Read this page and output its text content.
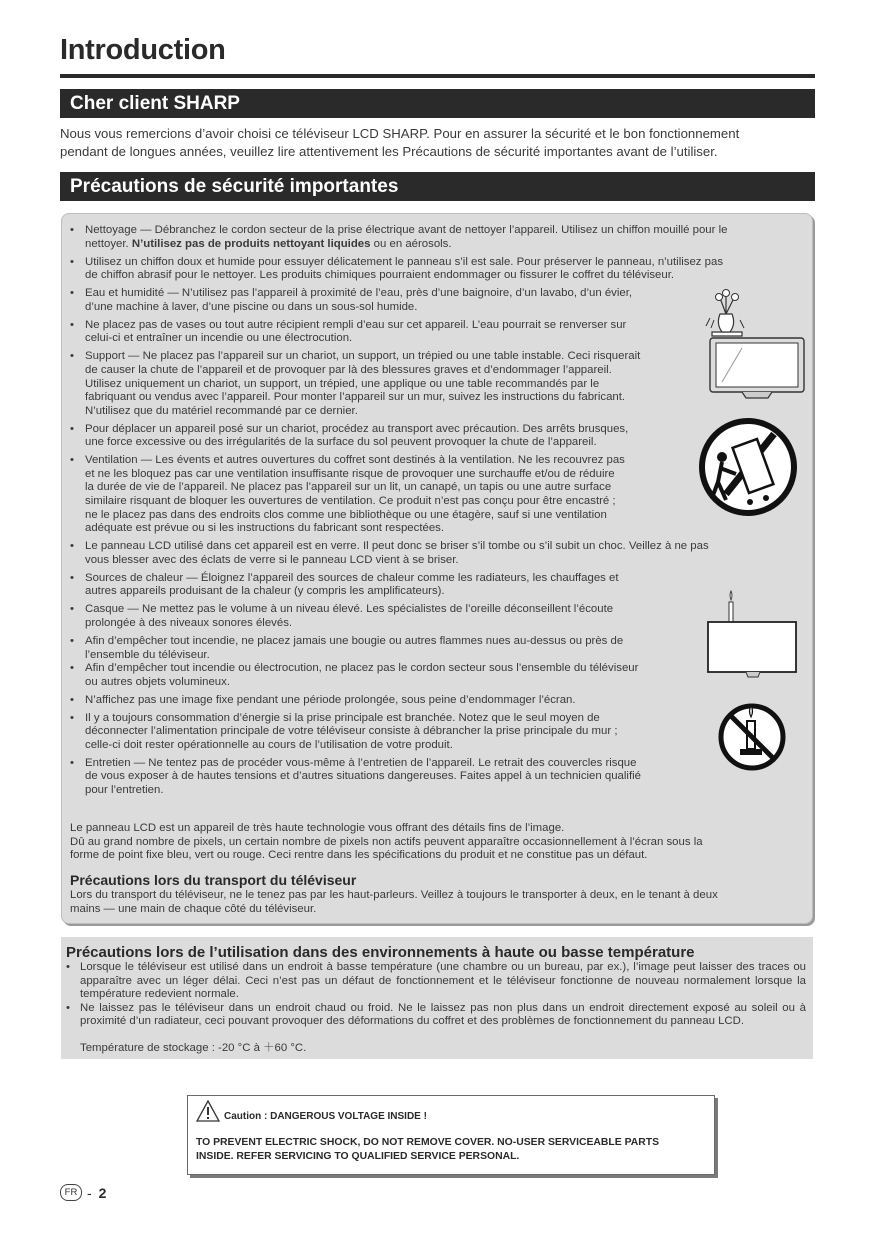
Introduction
Cher client SHARP
Nous vous remercions d’avoir choisi ce téléviseur LCD SHARP. Pour en assurer la sécurité et le bon fonctionnement
pendant de longues années, veuillez lire attentivement les Précautions de sécurité importantes avant de l’utiliser.
Précautions de sécurité importantes
• Nettoyage — Débranchez le cordon secteur de la prise électrique avant de nettoyer l’appareil. Utilisez un chiffon mouillé pour le
nettoyer. N’utilisez pas de produits nettoyant liquides ou en aérosols.
• Utilisez un chiffon doux et humide pour essuyer délicatement le panneau s’il est sale. Pour préserver le panneau, n’utilisez pas
de chiffon abrasif pour le nettoyer. Les produits chimiques pourraient endommager ou fissurer le coffret du téléviseur.
• Eau et humidité — N’utilisez pas l’appareil à proximité de l’eau, près d’une baignoire, d’un lavabo, d’un évier,
d’une machine à laver, d’une piscine ou dans un sous-sol humide.
• Ne placez pas de vases ou tout autre récipient rempli d’eau sur cet appareil. L’eau pourrait se renverser sur
celui-ci et entraîner un incendie ou une électrocution.
• Support — Ne placez pas l’appareil sur un chariot, un support, un trépied ou une table instable. Ceci risquerait
de causer la chute de l’appareil et de provoquer par là des blessures graves et d’endommager l’appareil.
Utilisez uniquement un chariot, un support, un trépied, une applique ou une table recommandés par le
fabriquant ou vendus avec l’appareil. Pour monter l’appareil sur un mur, suivez les instructions du fabricant.
N’utilisez que du matériel recommandé par ce dernier.
• Pour déplacer un appareil posé sur un chariot, procédez au transport avec précaution. Des arrêts brusques,
une force excessive ou des irrégularités de la surface du sol peuvent provoquer la chute de l’appareil.
• Ventilation — Les évents et autres ouvertures du coffret sont destinés à la ventilation. Ne les recouvrez pas
et ne les bloquez pas car une ventilation insuffisante risque de provoquer une surchauffe et/ou de réduire
la durée de vie de l’appareil. Ne placez pas l’appareil sur un lit, un canapé, un tapis ou une autre surface
similaire risquant de bloquer les ouvertures de ventilation. Ce produit n’est pas conçu pour être encastré ;
ne le placez pas dans des endroits clos comme une bibliothèque ou une étagère, sauf si une ventilation
adéquate est prévue ou si les instructions du fabricant sont respectées.
• Le panneau LCD utilisé dans cet appareil est en verre. Il peut donc se briser s’il tombe ou s’il subit un choc. Veillez à ne pas
vous blesser avec des éclats de verre si le panneau LCD vient à se briser.
• Sources de chaleur — Éloignez l’appareil des sources de chaleur comme les radiateurs, les chauffages et
autres appareils produisant de la chaleur (y compris les amplificateurs).
• Casque — Ne mettez pas le volume à un niveau élevé. Les spécialistes de l’oreille déconseillent l’écoute
prolongée à des niveaux sonores élevés.
• Afin d’empêcher tout incendie, ne placez jamais une bougie ou autres flammes nues au-dessus ou près de
l’ensemble du téléviseur.
• Afin d’empêcher tout incendie ou électrocution, ne placez pas le cordon secteur sous l’ensemble du téléviseur
ou autres objets volumineux.
• N’affichez pas une image fixe pendant une période prolongée, sous peine d’endommager l’écran.
• Il y a toujours consommation d’énergie si la prise principale est branchée. Notez que le seul moyen de
déconnecter l’alimentation principale de votre téléviseur consiste à débrancher la prise principale du mur ;
celle-ci doit rester opérationnelle au cours de l’utilisation de votre produit.
• Entretien — Ne tentez pas de procéder vous-même à l’entretien de l’appareil. Le retrait des couvercles risque
de vous exposer à de hautes tensions et d’autres situations dangereuses. Faites appel à un technicien qualifié
pour l’entretien.
Le panneau LCD est un appareil de très haute technologie vous offrant des détails fins de l’image.
Dû au grand nombre de pixels, un certain nombre de pixels non actifs peuvent apparaître occasionnellement à l’écran sous la
forme de point fixe bleu, vert ou rouge. Ceci rentre dans les spécifications du produit et ne constitue pas un défaut.
Précautions lors du transport du téléviseur
Lors du transport du téléviseur, ne le tenez pas par les haut-parleurs. Veillez à toujours le transporter à deux, en le tenant à deux
mains — une main de chaque côté du téléviseur.
Précautions lors de l’utilisation dans des environnements à haute ou basse température
• Lorsque le téléviseur est utilisé dans un endroit à basse température (une chambre ou un bureau, par ex.), l’image peut laisser des traces ou apparaître avec un léger délai. Ceci n’est pas un défaut de fonctionnement et le téléviseur fonctionne de nouveau normalement lorsque la température redevient normale.
• Ne laissez pas le téléviseur dans un endroit chaud ou froid. Ne le laissez pas non plus dans un endroit directement exposé au soleil ou à proximité d’un radiateur, ceci pouvant provoquer des déformations du coffret et des problèmes de fonctionnement du panneau LCD.
Température de stockage : -20 °C à ＋60 °C.
Caution : DANGEROUS VOLTAGE INSIDE !
TO PREVENT ELECTRIC SHOCK, DO NOT REMOVE COVER. NO-USER SERVICEABLE PARTS
INSIDE. REFER SERVICING TO QUALIFIED SERVICE PERSONAL.
FR - 2
